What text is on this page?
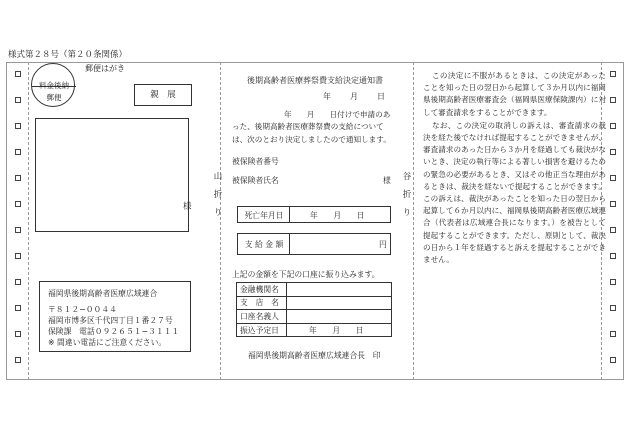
様式第２８号（第２０条関係）
料金後納
郵便
郵便はがき
親　展
様
山折り
谷折り
福岡県後期高齢者医療広域連合
〒８１２−００４４
福岡市博多区千代四丁目１番２７号
保険課　電話０９２６５１−３１１１
※ 間違い電話にご注意ください。
後期高齢者医療葬祭費支給決定通知書
年　　月　　日
年　　月　　日付けで申請のあった、後期高齢者医療葬祭費の支給については、次のとおり決定しましたので通知します。
被保険者番号
被保険者氏名	様
死亡年月日	年　　月　　日
支 給 金 額	円
上記の金額を下記の口座に振り込みます。
金融機関名	
支　店　名	
口座名義人	
振込予定日	年　　月　　日
福岡県後期高齢者医療広域連合長　印

この決定に不服があるときは、この決定があったことを知った日の翌日から起算して３か月以内に福岡県後期高齢者医療審査会（福岡県医療保険課内）に対して審査請求をすることができます。

なお、この決定の取消しの訴えは、審査請求の裁決を経た後でなければ提起することができませんが、審査請求のあった日から３か月を経過しても裁決がないとき、決定の執行等による著しい損害を避けるための緊急の必要があるとき、又はその他正当な理由があるときは、裁決を経ないで提起することができます。この訴えは、裁決があったことを知った日の翌日から起算して６か月以内に、福岡県後期高齢者医療広域連合（代表者は広域連合長になります。）を被告として提起することができます。ただし、原則として、裁決の日から１年を経過すると訴えを提起することができません。
